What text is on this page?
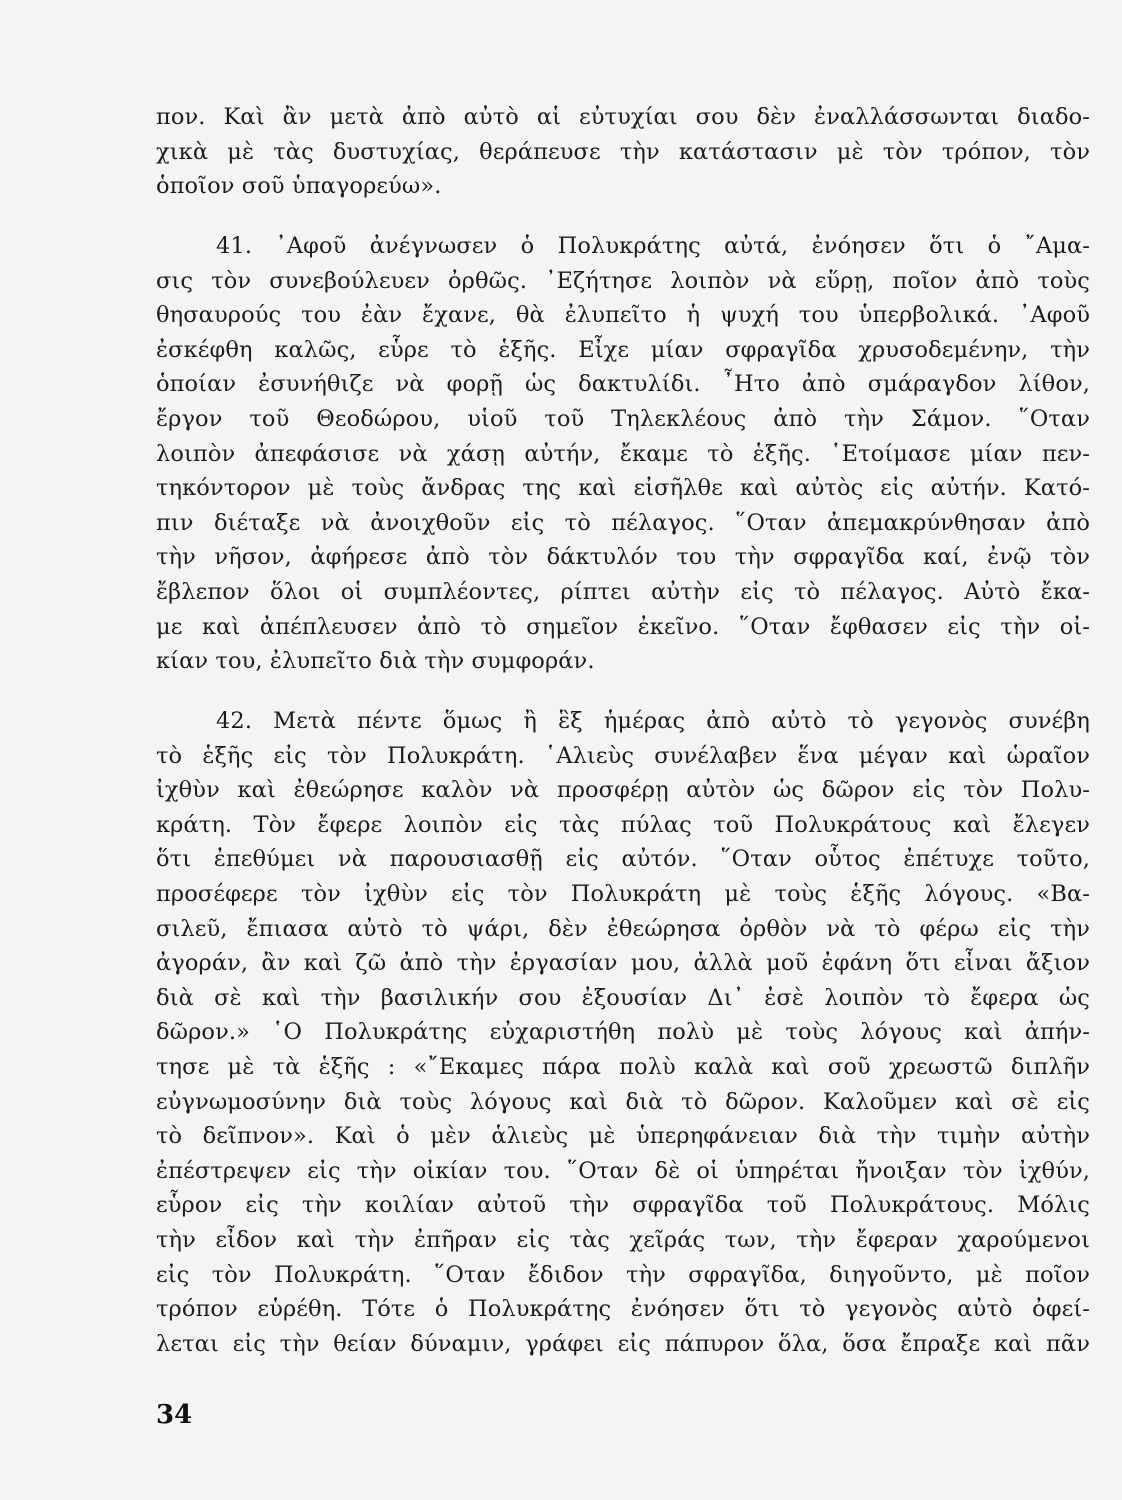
πον. Καὶ ἂν μετὰ ἀπὸ αὐτὸ αἱ εὐτυχίαι σου δὲν ἐναλλάσσωνται διαδο-
χικὰ μὲ τὰς δυστυχίας, θεράπευσε τὴν κατάστασιν μὲ τὸν τρόπον, τὸν
ὁποῖον σοῦ ὑπαγορεύω».
41. ᾿Αφοῦ ἀνέγνωσεν ὁ Πολυκράτης αὐτά, ἐνόησεν ὅτι ὁ ῎Αμα-
σις τὸν συνεβούλευεν ὀρθῶς. ᾿Εζήτησε λοιπὸν νὰ εὕρῃ, ποῖον ἀπὸ τοὺς
θησαυρούς του ἐὰν ἔχανε, θὰ ἐλυπεῖτο ἡ ψυχή του ὑπερβολικά. ᾿Αφοῦ
ἐσκέφθη καλῶς, εὗρε τὸ ἑξῆς. Εἶχε μίαν σφραγῖδα χρυσοδεμένην, τὴν
ὁποίαν ἐσυνήθιζε νὰ φορῇ ὡς δακτυλίδι. ῏Ητο ἀπὸ σμάραγδον λίθον,
ἔργον τοῦ Θεοδώρου, υἱοῦ τοῦ Τηλεκλέους ἀπὸ τὴν Σάμον. ῞Οταν
λοιπὸν ἀπεφάσισε νὰ χάσῃ αὐτήν, ἔκαμε τὸ ἑξῆς. ῾Ετοίμασε μίαν πεν-
τηκόντορον μὲ τοὺς ἄνδρας της καὶ εἰσῆλθε καὶ αὐτὸς εἰς αὐτήν. Κατό-
πιν διέταξε νὰ ἀνοιχθοῦν εἰς τὸ πέλαγος. ῞Οταν ἀπεμακρύνθησαν ἀπὸ
τὴν νῆσον, ἀφήρεσε ἀπὸ τὸν δάκτυλόν του τὴν σφραγῖδα καί, ἐνῷ τὸν
ἔβλεπον ὅλοι οἱ συμπλέοντες, ρίπτει αὐτὴν εἰς τὸ πέλαγος. Αὐτὸ ἔκα-
με καὶ ἀπέπλευσεν ἀπὸ τὸ σημεῖον ἐκεῖνο. ῞Οταν ἔφθασεν εἰς τὴν οἰ-
κίαν του, ἐλυπεῖτο διὰ τὴν συμφοράν.
42. Μετὰ πέντε ὅμως ἢ ἓξ ἡμέρας ἀπὸ αὐτὸ τὸ γεγονὸς συνέβη
τὸ ἑξῆς εἰς τὸν Πολυκράτη. ῾Αλιεὺς συνέλαβεν ἕνα μέγαν καὶ ὡραῖον
ἰχθὺν καὶ ἐθεώρησε καλὸν νὰ προσφέρῃ αὐτὸν ὡς δῶρον εἰς τὸν Πολυ-
κράτη. Τὸν ἔφερε λοιπὸν εἰς τὰς πύλας τοῦ Πολυκράτους καὶ ἔλεγεν
ὅτι ἐπεθύμει νὰ παρουσιασθῇ εἰς αὐτόν. ῞Οταν οὗτος ἐπέτυχε τοῦτο,
προσέφερε τὸν ἰχθὺν εἰς τὸν Πολυκράτη μὲ τοὺς ἑξῆς λόγους. «Βα-
σιλεῦ, ἔπιασα αὐτὸ τὸ ψάρι, δὲν ἐθεώρησα ὀρθὸν νὰ τὸ φέρω εἰς τὴν
ἀγοράν, ἂν καὶ ζῶ ἀπὸ τὴν ἐργασίαν μου, ἀλλὰ μοῦ ἐφάνη ὅτι εἶναι ἄξιον
διὰ σὲ καὶ τὴν βασιλικήν σου ἐξουσίαν Δι᾿ ἐσὲ λοιπὸν τὸ ἔφερα ὡς
δῶρον.» ῾Ο Πολυκράτης εὐχαριστήθη πολὺ μὲ τοὺς λόγους καὶ ἀπήν-
τησε μὲ τὰ ἑξῆς : «῎Εκαμες πάρα πολὺ καλὰ καὶ σοῦ χρεωστῶ διπλῆν
εὐγνωμοσύνην διὰ τοὺς λόγους καὶ διὰ τὸ δῶρον. Καλοῦμεν καὶ σὲ εἰς
τὸ δεῖπνον». Καὶ ὁ μὲν ἁλιεὺς μὲ ὑπερηφάνειαν διὰ τὴν τιμὴν αὐτὴν
ἐπέστρεψεν εἰς τὴν οἰκίαν του. ῞Οταν δὲ οἱ ὑπηρέται ἤνοιξαν τὸν ἰχθύν,
εὗρον εἰς τὴν κοιλίαν αὐτοῦ τὴν σφραγῖδα τοῦ Πολυκράτους. Μόλις
τὴν εἶδον καὶ τὴν ἐπῆραν εἰς τὰς χεῖράς των, τὴν ἔφεραν χαρούμενοι
εἰς τὸν Πολυκράτη. ῞Οταν ἔδιδον τὴν σφραγῖδα, διηγοῦντο, μὲ ποῖον
τρόπον εὑρέθη. Τότε ὁ Πολυκράτης ἐνόησεν ὅτι τὸ γεγονὸς αὐτὸ ὀφεί-
λεται εἰς τὴν θείαν δύναμιν, γράφει εἰς πάπυρον ὅλα, ὅσα ἔπραξε καὶ πᾶν
34
